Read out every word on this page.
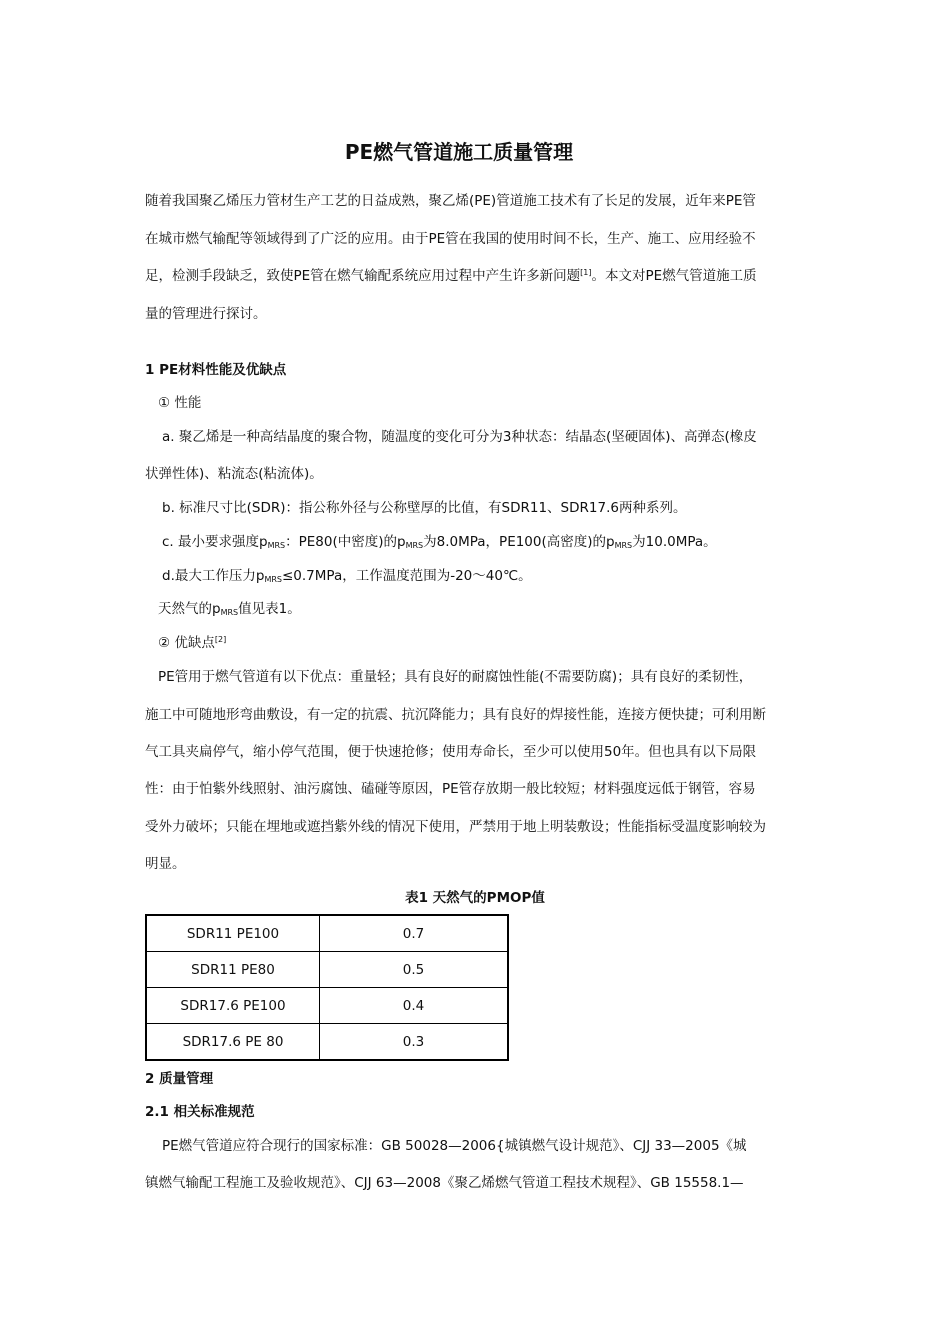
PE燃气管道施工质量管理
随着我国聚乙烯压力管材生产工艺的日益成熟，聚乙烯(PE)管道施工技术有了长足的发展，近年来PE管
在城市燃气输配等领域得到了广泛的应用。由于PE管在我国的使用时间不长，生产、施工、应用经验不
足，检测手段缺乏，致使PE管在燃气输配系统应用过程中产生许多新问题[1]。本文对PE燃气管道施工质
量的管理进行探讨。
1 PE材料性能及优缺点
① 性能
a. 聚乙烯是一种高结晶度的聚合物，随温度的变化可分为3种状态：结晶态(坚硬固体)、高弹态(橡皮
状弹性体)、粘流态(粘流体)。
b. 标准尺寸比(SDR)：指公称外径与公称壁厚的比值，有SDR11、SDR17.6两种系列。
c. 最小要求强度$p_{MRS}$：PE80(中密度)的$p_{MRS}$为8.0MPa，PE100(高密度)的$p_{MRS}$为10.0MPa。
d.最大工作压力$p_{MRS}\le 0.7MPa$，工作温度范围为-20～40℃。
天然气的$p_{MRS}$值见表1。
② 优缺点[2]
PE管用于燃气管道有以下优点：重量轻；具有良好的耐腐蚀性能(不需要防腐)；具有良好的柔韧性，
施工中可随地形弯曲敷设，有一定的抗震、抗沉降能力；具有良好的焊接性能，连接方便快捷；可利用断
气工具夹扁停气，缩小停气范围，便于快速抢修；使用寿命长，至少可以使用50年。但也具有以下局限
性：由于怕紫外线照射、油污腐蚀、磕碰等原因，PE管存放期一般比较短；材料强度远低于钢管，容易
受外力破坏；只能在埋地或遮挡紫外线的情况下使用，严禁用于地上明装敷设；性能指标受温度影响较为
明显。
表1 天然气的PMOP值
SDR11 PE100	0.7
SDR11 PE80	0.5
SDR17.6 PE100	0.4
SDR17.6 PE 80	0.3
2 质量管理
2.1 相关标准规范
PE燃气管道应符合现行的国家标准：GB 50028—2006{城镇燃气设计规范》、CJJ 33—2005《城
镇燃气输配工程施工及验收规范》、CJJ 63—2008《聚乙烯燃气管道工程技术规程》、GB 15558.1—
